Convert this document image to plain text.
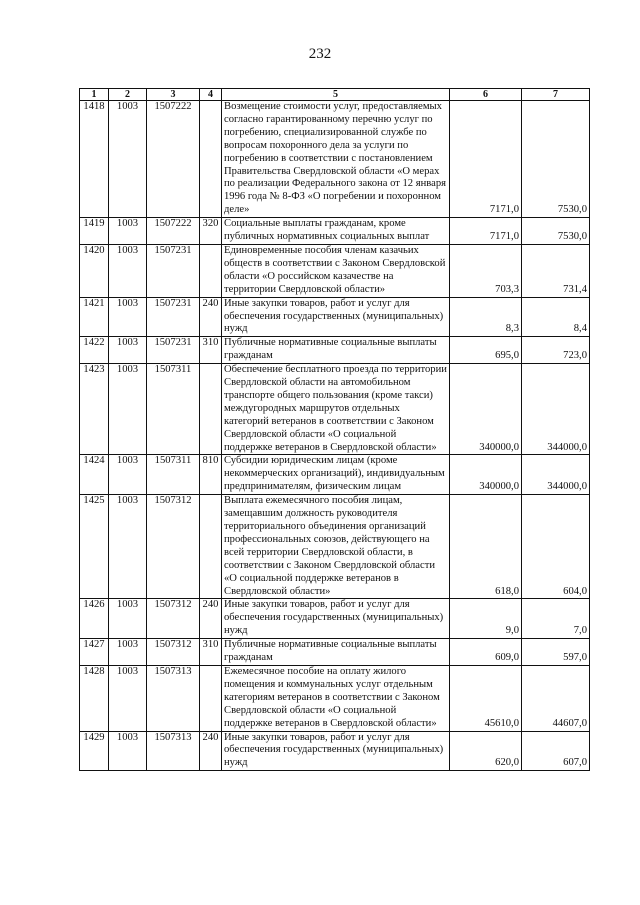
232
1	2	3	4	5	6	7
1418	1003	1507222		Возмещение стоимости услуг, предоставляемых согласно гарантированному перечню услуг по погребению, специализированной службе по вопросам похоронного дела за услуги по погребению в соответствии с постановлением Правительства Свердловской области «О мерах по реализации Федерального закона от 12 января 1996 года № 8-ФЗ «О погребении и похоронном деле»	7171,0	7530,0
1419	1003	1507222	320	Социальные выплаты гражданам, кроме публичных нормативных социальных выплат	7171,0	7530,0
1420	1003	1507231		Единовременные пособия членам казачьих обществ в соответствии с Законом Свердловской области «О российском казачестве на территории Свердловской области»	703,3	731,4
1421	1003	1507231	240	Иные закупки товаров, работ и услуг для обеспечения государственных (муниципальных) нужд	8,3	8,4
1422	1003	1507231	310	Публичные нормативные социальные выплаты гражданам	695,0	723,0
1423	1003	1507311		Обеспечение бесплатного проезда по территории Свердловской области на автомобильном транспорте общего пользования (кроме такси) междугородных маршрутов отдельных категорий ветеранов в соответствии с Законом Свердловской области «О социальной поддержке ветеранов в Свердловской области»	340000,0	344000,0
1424	1003	1507311	810	Субсидии юридическим лицам (кроме некоммерческих организаций), индивидуальным предпринимателям, физическим лицам	340000,0	344000,0
1425	1003	1507312		Выплата ежемесячного пособия лицам, замещавшим должность руководителя территориального объединения организаций профессиональных союзов, действующего на всей территории Свердловской области, в соответствии с Законом Свердловской области «О социальной поддержке ветеранов в Свердловской области»	618,0	604,0
1426	1003	1507312	240	Иные закупки товаров, работ и услуг для обеспечения государственных (муниципальных) нужд	9,0	7,0
1427	1003	1507312	310	Публичные нормативные социальные выплаты гражданам	609,0	597,0
1428	1003	1507313		Ежемесячное пособие на оплату жилого помещения и коммунальных услуг отдельным категориям ветеранов в соответствии с Законом Свердловской области «О социальной поддержке ветеранов в Свердловской области»	45610,0	44607,0
1429	1003	1507313	240	Иные закупки товаров, работ и услуг для обеспечения государственных (муниципальных) нужд	620,0	607,0
